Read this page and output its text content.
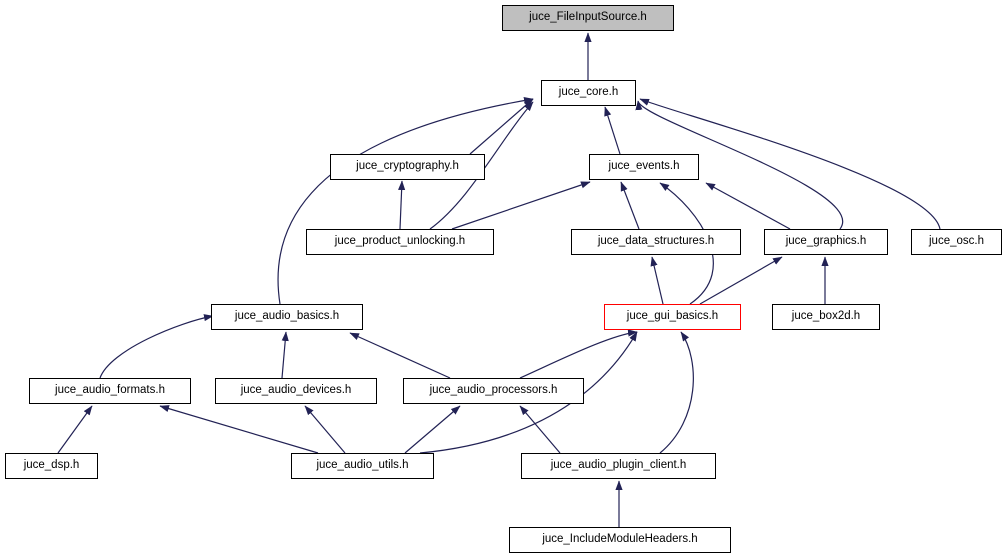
juce_FileInputSource.h
juce_core.h
juce_cryptography.h	juce_events.h
juce_product_unlocking.h	juce_data_structures.h	juce_graphics.h	juce_osc.h
juce_audio_basics.h	juce_gui_basics.h	juce_box2d.h
juce_audio_formats.h	juce_audio_devices.h	juce_audio_processors.h
juce_dsp.h	juce_audio_utils.h	juce_audio_plugin_client.h
juce_IncludeModuleHeaders.h
